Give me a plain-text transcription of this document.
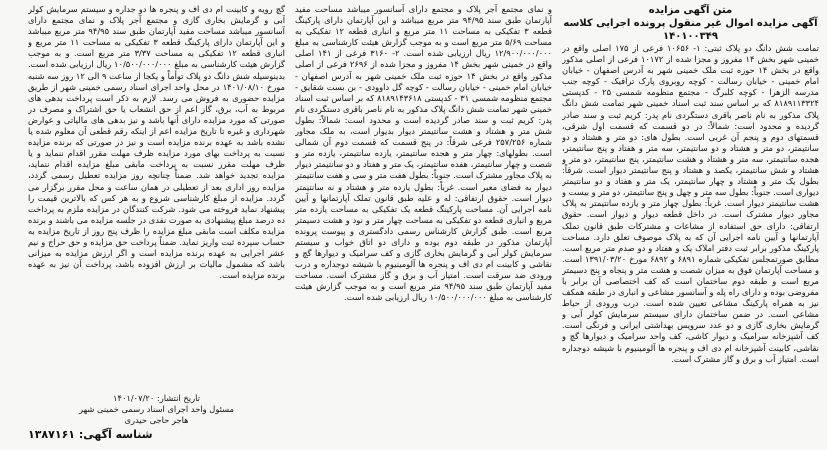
متن آگهی مزایده
آگهی مزایده اموال غیر منقول پرونده اجرایی کلاسه ۱۴۰۱۰۰۳۴۹

تمامت شش دانگ دو پلاک ثبتی: ۱- ۱۰۶۵۶ فرعی از ۱۷۵ اصلی واقع در خمینی شهر بخش ۱۴ مفروز و مجزا شده از ۱۰۱۷۲ فرعی از اصلی مذکور واقع در بخش ۱۴ حوزه ثبت ملک خمینی شهر به آدرس اصفهان - خیابان امام خمینی - خیابان رسالت - کوچه روبروی پارک ترافیک - کوچه جنب مدرسه الزهرا - کوچه کلبرگ - مجتمع منظومه شمسی ۲۵ - کدپستی ۸۱۸۹۱۱۳۳۲۴ که بر اساس سند ثبت اسناد خمینی شهر تمامت شش دانگ پلاک مذکور به نام ناصر باقری دستگردی نام پدر: کریم ثبت و سند صادر گردیده و محدود است: شمالاً: در دو قسمت که قسمت اول شرقی، قسمتهای دوم و پنجم آن غربی است. بطول های: دو متر و هشتاد و دو سانتیمتر، دو متر و هشتاد و دو سانتیمتر، سه متر و هفتاد و پنج سانتیمتر، هجده سانتیمتر، سه متر و هشتاد و هشت سانتیمتر، پنج سانتیمتر، دو متر و هشتاد و شش سانتیمتر، یکصد و هشتاد و پنج سانتیمتر دیوار است. شرقاً: بطول یک متر و هشتاد و چهار سانتیمتر، یک متر و هفتاد و دو سانتیمتر دیواری است. جنوباً: بطول سه متر و چهل و پنج سانتیمتر، دو متر و بیست و هشت سانتیمتر دیوار است. غرباً: بطول چهار متر و یازده سانتیمتر به پلاک مجاور دیوار مشترک است. در داخل قطعه دیوار و دیوار است. حقوق ارتفاقی: دارای حق استفاده از مشاعات و مشترکات طبق قانون تملک آپارتمانها و آیین نامه اجرایی آن که به پلاک موصوف تعلق دارد. مساحت پارکینگ مذکور برابر ثبت دفتر املاک یک و هفتاد و دو صدم متر مربع است. مطابق صورتمجلس تفکیکی شماره ۶۸۹۱ و ۶۸۹۲ مورخ ۱۳۹۱/۰۳/۲۰ است. و مساحت آپارتمان فوق به میزان شصت و هشت متر و پنجاه و پنج دسیمتر مربع است و طبقه دوم ساختمان است که کف اختصاصی آن برابر با مفروضی بوده و دارای راه پله و آسانسور مشاعی و انباری در طبقه همکف نیز به همراه پارکینگ مشاعی تعیین شده است. درب ورودی از حیاط مشاعی است. در ضمن ساختمان دارای سیستم سرمایش کولر آبی و گرمایش بخاری گازی و دو عدد سرویس بهداشتی ایرانی و فرنگی است. کف آشپزخانه سرامیک و دیوار کاشی، کف واحد سرامیک و دیوارها گچ و نقاشی، کابینت آشپزخانه ام دی اف و پنجره ها آلومینیوم با شیشه دوجداره است. امتیاز آب و برق و گاز مشترک است.

و نمای مجتمع آجر پلاک و مجتمع دارای آسانسور میباشد مساحت مفید آپارتمان طبق سند ۹۴/۹۵ متر مربع میباشد و این آپارتمان دارای پارکینگ قطعه ۳ تفکیکی به مساحت ۱۱ متر مربع و انباری قطعه ۱۲ تفکیکی به مساحت ۵/۶۹ متر مربع است و به موجب گزارش هیئت کارشناسی به مبلغ ۱۲/۹۰۰/۰۰۰/۰۰۰ ریال ارزیابی شده است. ۲- ۳۱۶۰ فرعی از ۱۴۱ اصلی واقع در خمینی شهر بخش ۱۴ مفروز و مجزا شده از ۲۶۹۶ فرعی از اصلی مذکور واقع در بخش ۱۴ حوزه ثبت ملک خمینی شهر به آدرس اصفهان - خیابان امام خمینی - خیابان رسالت - کوچه گل داوودی - بن بست شقایق - مجتمع منظومه شمسی ۳۱ - کدپستی ۸۱۸۹۱۴۳۶۱۸ که بر اساس ثبت اسناد خمینی شهر تمامت شش دانگ پلاک مذکور به نام ناصر باقری دستگردی نام پدر: کریم ثبت و سند صادر گردیده است و محدود است: شمالاً: بطول شش متر و هشتاد و هشت سانتیمتر دیوار بدیوار است، به ملک مجاور شماره ۲۵۷/۲۵۶ فرعی شرقاً: در پنج قسمت که قسمت دوم آن شمالی است. بطولهای: چهار متر و هجده سانتیمتر، یازده سانتیمتر، یازده متر و شصت و چهار سانتیمتر، هفده سانتیمتر، یک متر و هفتاد و دو سانتیمتر دیوار به پلاک مجاور مشترک است. جنوباً: بطول هفت متر و سی و هفت سانتیمتر دیوار به فضای معبر است. غرباً: بطول یازده متر و هشتاد و نه سانتیمتر دیوار است. حقوق ارتفاقی: له و علیه طبق قانون تملک آپارتمانها و آیین نامه اجرایی آن. مساحت پارکینگ قطعه یک تفکیکی به مساحت یازده متر مربع و انباری قطعه دو تفکیکی به مساحت چهار متر و نود و هشت دسیمتر مربع است. طبق گزارش کارشناس رسمی دادگستری و پیوست پرونده آپارتمان مذکور در طبقه دوم بوده و دارای دو اتاق خواب و سیستم سرمایش کولر آبی و گرمایش بخاری گازی و کف سرامیک و دیوارها گچ و نقاشی و کابینت ام دی اف و پنجره ها آلومینیوم با شیشه دوجداره و درب ورودی ضد سرقت است. امتیاز آب و برق و گاز مشترک است. مساحت مفید آپارتمان طبق سند ۹۴/۹۵ متر مربع است و به موجب گزارش هیئت کارشناسی به مبلغ ۱۰/۵۰۰/۰۰۰/۰۰۰ ریال ارزیابی شده است.

گچ رویه و کابینت ام دی اف و پنجره ها دو جداره و سیستم سرمایش کولر آبی و گرمایش بخاری گازی و مجتمع آجر پلاک و نمای مجتمع دارای آسانسور میباشد مساحت مفید آپارتمان طبق سند ۹۴/۹۵ متر مربع میباشد و این آپارتمان دارای پارکینگ قطعه ۳ تفکیکی به مساحت ۱۱ متر مربع و انباری قطعه ۱۲ تفکیکی به مساحت ۳/۳۷ متر مربع است. و به موجب گزارش هیئت کارشناسی به مبلغ ۱۰/۵۰۰/۰۰۰/۰۰۰ ریال ارزیابی شده است. بدینوسیله شش دانگ دو پلاک توأماً و یکجا از ساعت ۹ الی ۱۲ روز سه شنبه مورخ ۱۴۰۱/۰۸/۱۰ در محل واحد اجرای اسناد رسمی خمینی شهر از طریق مزایده حضوری به فروش می رسد. لازم به ذکر است پرداخت بدهی های مربوط به آب، برق، گاز اعم از حق انشعاب یا حق اشتراک و مصرف در صورتی که مورد مزایده دارای آنها باشد و نیز بدهی های مالیاتی و عوارض شهرداری و غیره تا تاریخ مزایده اعم از اینکه رقم قطعی آن معلوم شده یا نشده باشد به عهده برنده مزایده است و نیز در صورتی که برنده مزایده نسبت به پرداخت بهای مورد مزایده ظرف مهلت مقرر اقدام ننماید و یا ظرف مهلت مقرر نسبت به پرداخت مابقی مبلغ مزایده اقدام ننماید، مزایده تجدید خواهد شد. ضمناً چنانچه روز مزایده تعطیل رسمی گردد، مزایده روز اداری بعد از تعطیلی در همان ساعت و محل مقرر برگزار می گردد. مزایده از مبلغ کارشناسی شروع و به هر کس که بالاترین قیمت را پیشنهاد نماید فروخته می شود. شرکت کنندگان در مزایده ملزم به پرداخت ده درصد مبلغ پیشنهادی به صورت نقدی در جلسه مزایده می باشند و برنده مزایده مکلف است مابقی مبلغ مزایده را ظرف پنج روز از تاریخ مزایده به حساب سپرده ثبت واریز نماید. ضمناً پرداخت حق مزایده و حق حراج و نیم عشر اجرایی به عهده برنده مزایده است و اگر ارزش مزایده به میزانی باشد که مشمول مالیات بر ارزش افزوده باشد، پرداخت آن نیز به عهده برنده مزایده است.

تاریخ انتشار: ۱۴۰۱/۰۷/۲۰
مسئول واحد اجرای اسناد رسمی خمینی شهر
هاجر حاجی حیدری
شناسه آگهی: ۱۳۸۷۱۶۱
